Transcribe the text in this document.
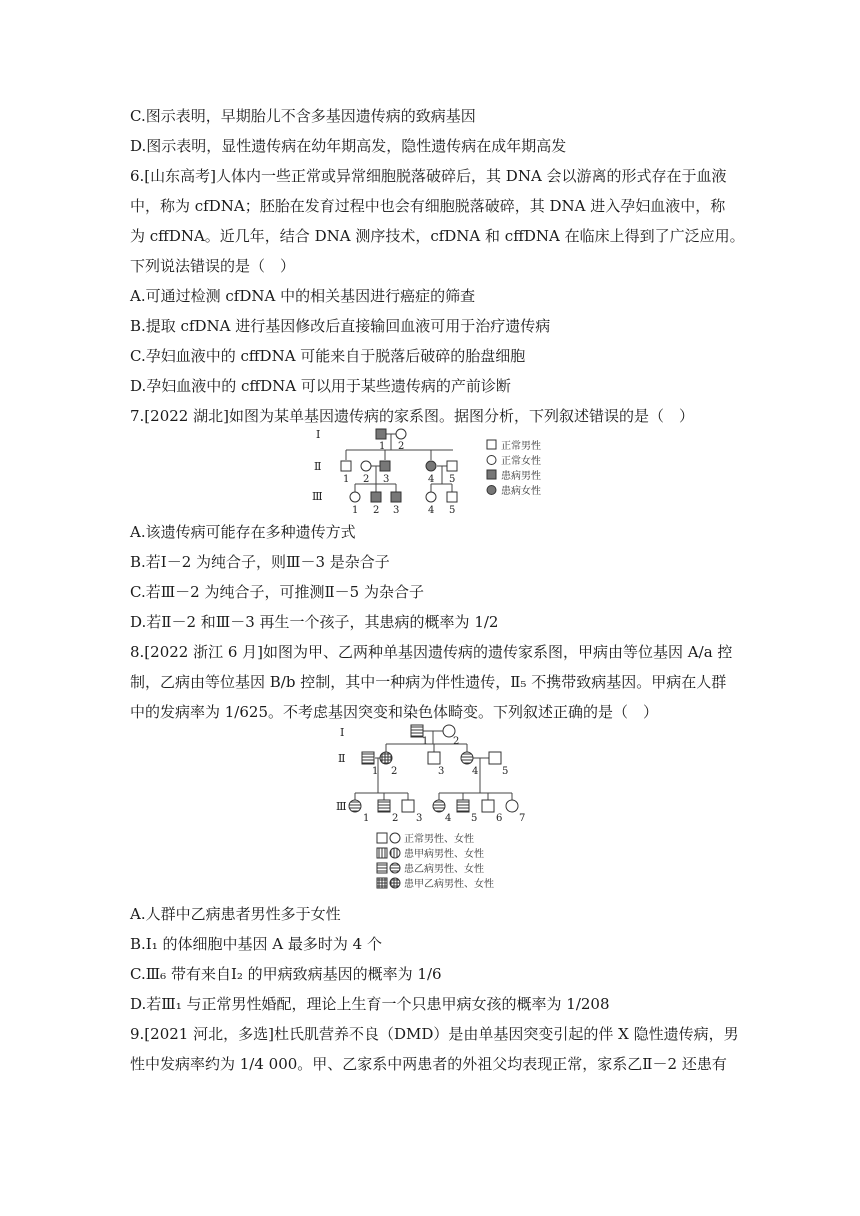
C.图示表明，早期胎儿不含多基因遗传病的致病基因
D.图示表明，显性遗传病在幼年期高发，隐性遗传病在成年期高发
6.[山东高考]人体内一些正常或异常细胞脱落破碎后，其 DNA 会以游离的形式存在于血液
中，称为 cfDNA；胚胎在发育过程中也会有细胞脱落破碎，其 DNA 进入孕妇血液中，称
为 cffDNA。近几年，结合 DNA 测序技术，cfDNA 和 cffDNA 在临床上得到了广泛应用。
下列说法错误的是（　）
A.可通过检测 cfDNA 中的相关基因进行癌症的筛查
B.提取 cfDNA 进行基因修改后直接输回血液可用于治疗遗传病
C.孕妇血液中的 cffDNA 可能来自于脱落后破碎的胎盘细胞
D.孕妇血液中的 cffDNA 可以用于某些遗传病的产前诊断
7.[2022 湖北]如图为某单基因遗传病的家系图。据图分析，下列叙述错误的是（　）
Ⅰ
Ⅱ
Ⅲ
1 2
1 2 3	4 5
1 2 3	4 5
正常男性
正常女性
患病男性
患病女性
A.该遗传病可能存在多种遗传方式
B.若Ⅰ－2 为纯合子，则Ⅲ－3 是杂合子
C.若Ⅲ－2 为纯合子，可推测Ⅱ－5 为杂合子
D.若Ⅱ－2 和Ⅲ－3 再生一个孩子，其患病的概率为 1/2
8.[2022 浙江 6 月]如图为甲、乙两种单基因遗传病的遗传家系图，甲病由等位基因 A/a 控
制，乙病由等位基因 B/b 控制，其中一种病为伴性遗传，Ⅱ₅ 不携带致病基因。甲病在人群
中的发病率为 1/625。不考虑基因突变和染色体畸变。下列叙述正确的是（　）
Ⅰ
Ⅱ
Ⅲ
1 2
1 2	3	4 5
1 2 3 4 5 6 7
正常男性、女性
患甲病男性、女性
患乙病男性、女性
患甲乙病男性、女性
A.人群中乙病患者男性多于女性
B.Ⅰ₁ 的体细胞中基因 A 最多时为 4 个
C.Ⅲ₆ 带有来自Ⅰ₂ 的甲病致病基因的概率为 1/6
D.若Ⅲ₁ 与正常男性婚配，理论上生育一个只患甲病女孩的概率为 1/208
9.[2021 河北，多选]杜氏肌营养不良（DMD）是由单基因突变引起的伴 X 隐性遗传病，男
性中发病率约为 1/4 000。甲、乙家系中两患者的外祖父均表现正常，家系乙Ⅱ－2 还患有
